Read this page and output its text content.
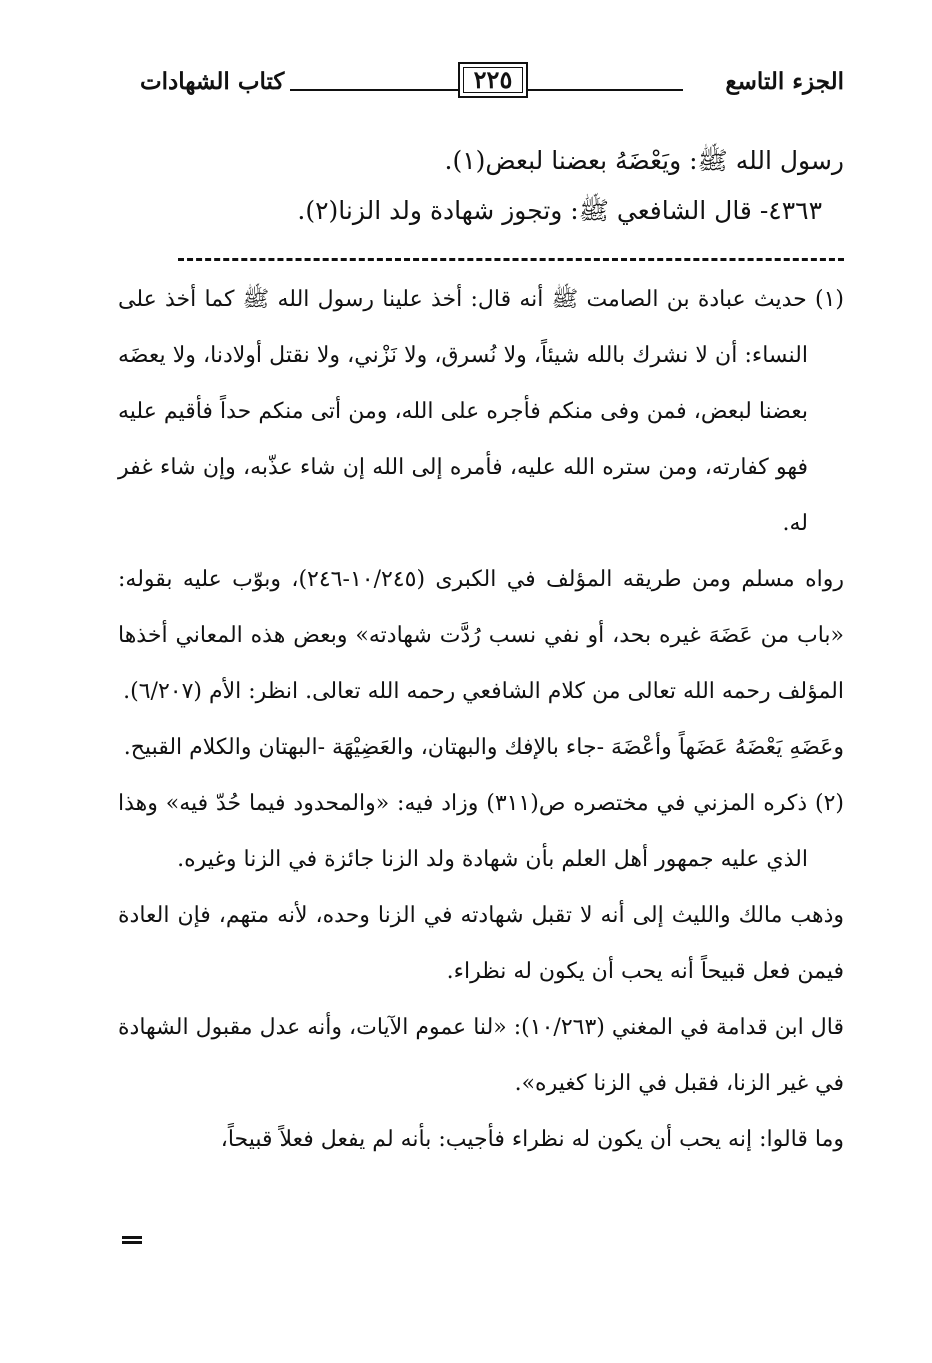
الجزء التاسع
٢٢٥
كتاب الشهادات

رسول الله ﷺ: ويَعْضَهُ بعضنا لبعض(١).

٤٣٦٣- قال الشافعي ﷺ: وتجوز شهادة ولد الزنا(٢).

(١) حديث عبادة بن الصامت ﷺ أنه قال: أخذ علينا رسول الله ﷺ كما أخذ على النساء: أن لا نشرك بالله شيئاً، ولا نُسرق، ولا نَزْني، ولا نقتل أولادنا، ولا يعضَه بعضنا لبعض، فمن وفى منكم فأجره على الله، ومن أتى منكم حداً فأقيم عليه فهو كفارته، ومن ستره الله عليه، فأمره إلى الله إن شاء عذّبه، وإن شاء غفر له.

رواه مسلم ومن طريقه المؤلف في الكبرى (١٠/٢٤٥-٢٤٦)، وبوّب عليه بقوله: «باب من عَضَهَ غيره بحد، أو نفي نسب رُدَّت شهادته» وبعض هذه المعاني أخذها المؤلف رحمه الله تعالى من كلام الشافعي رحمه الله تعالى. انظر: الأم (٦/٢٠٧).

وعَضَهِ يَعْضَهُ عَضَهاً وأعْضَهَ -جاء بالإفك والبهتان، والعَضِيْهَة -البهتان والكلام القبيح.

(٢) ذكره المزني في مختصره ص(٣١١) وزاد فيه: «والمحدود فيما حُدّ فيه» وهذا الذي عليه جمهور أهل العلم بأن شهادة ولد الزنا جائزة في الزنا وغيره.

وذهب مالك والليث إلى أنه لا تقبل شهادته في الزنا وحده، لأنه متهم، فإن العادة فيمن فعل قبيحاً أنه يحب أن يكون له نظراء.

قال ابن قدامة في المغني (١٠/٢٦٣): «لنا عموم الآيات، وأنه عدل مقبول الشهادة في غير الزنا، فقبل في الزنا كغيره».

وما قالوا: إنه يحب أن يكون له نظراء فأجيب: بأنه لم يفعل فعلاً قبيحاً،
